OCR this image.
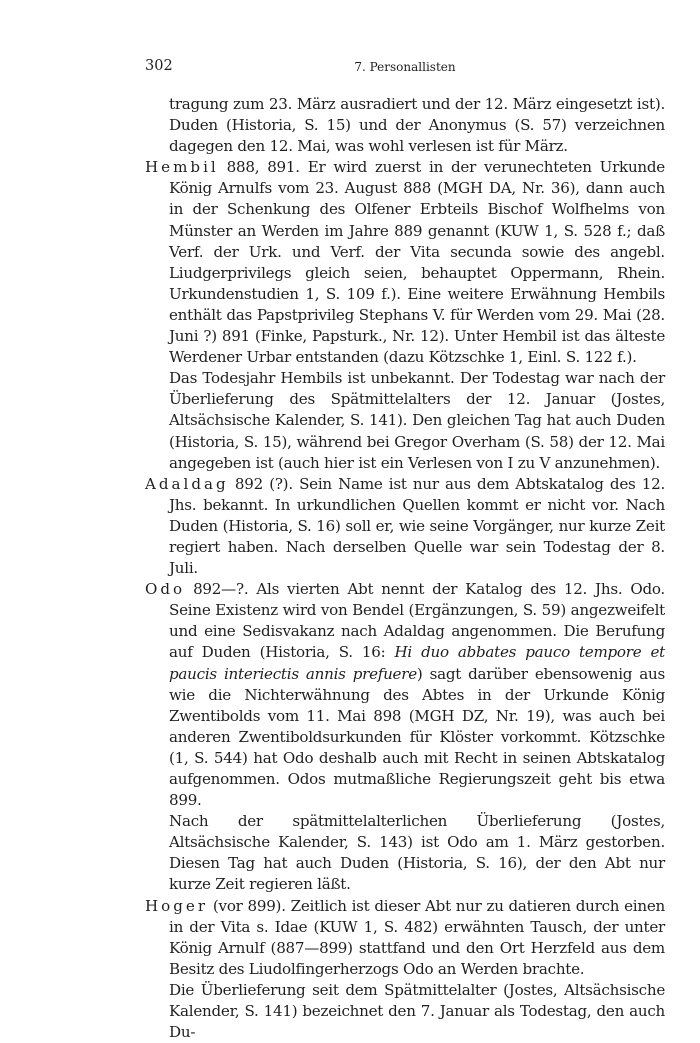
302	7. Personallisten

tragung zum 23. März ausradiert und der 12. März eingesetzt ist). Duden (Historia, S. 15) und der Anonymus (S. 57) verzeichnen dagegen den 12. Mai, was wohl verlesen ist für März.

Hembil 888, 891. Er wird zuerst in der verunechteten Urkunde König Arnulfs vom 23. August 888 (MGH DA, Nr. 36), dann auch in der Schenkung des Olfener Erbteils Bischof Wolfhelms von Münster an Werden im Jahre 889 genannt (KUW 1, S. 528 f.; daß Verf. der Urk. und Verf. der Vita secunda sowie des angebl. Liudgerprivilegs gleich seien, behauptet Oppermann, Rhein. Urkundenstudien 1, S. 109 f.). Eine weitere Erwähnung Hembils enthält das Papstprivileg Stephans V. für Werden vom 29. Mai (28. Juni ?) 891 (Finke, Papsturk., Nr. 12). Unter Hembil ist das älteste Werdener Urbar entstanden (dazu Kötzschke 1, Einl. S. 122 f.).

Das Todesjahr Hembils ist unbekannt. Der Todestag war nach der Überlieferung des Spätmittelalters der 12. Januar (Jostes, Altsächsische Kalender, S. 141). Den gleichen Tag hat auch Duden (Historia, S. 15), während bei Gregor Overham (S. 58) der 12. Mai angegeben ist (auch hier ist ein Verlesen von I zu V anzunehmen).

Adaldag 892 (?). Sein Name ist nur aus dem Abtskatalog des 12. Jhs. bekannt. In urkundlichen Quellen kommt er nicht vor. Nach Duden (Historia, S. 16) soll er, wie seine Vorgänger, nur kurze Zeit regiert haben. Nach derselben Quelle war sein Todestag der 8. Juli.

Odo 892—?. Als vierten Abt nennt der Katalog des 12. Jhs. Odo. Seine Existenz wird von Bendel (Ergänzungen, S. 59) angezweifelt und eine Sedisvakanz nach Adaldag angenommen. Die Berufung auf Duden (Historia, S. 16: Hi duo abbates pauco tempore et paucis interiectis annis prefuere) sagt darüber ebensowenig aus wie die Nichterwähnung des Abtes in der Urkunde König Zwentibolds vom 11. Mai 898 (MGH DZ, Nr. 19), was auch bei anderen Zwentiboldsurkunden für Klöster vorkommt. Kötzschke (1, S. 544) hat Odo deshalb auch mit Recht in seinen Abtskatalog aufgenommen. Odos mutmaßliche Regierungszeit geht bis etwa 899.

Nach der spätmittelalterlichen Überlieferung (Jostes, Altsächsische Kalender, S. 143) ist Odo am 1. März gestorben. Diesen Tag hat auch Duden (Historia, S. 16), der den Abt nur kurze Zeit regieren läßt.

Hoger (vor 899). Zeitlich ist dieser Abt nur zu datieren durch einen in der Vita s. Idae (KUW 1, S. 482) erwähnten Tausch, der unter König Arnulf (887—899) stattfand und den Ort Herzfeld aus dem Besitz des Liudolfingerherzogs Odo an Werden brachte.

Die Überlieferung seit dem Spätmittelalter (Jostes, Altsächsische Kalender, S. 141) bezeichnet den 7. Januar als Todestag, den auch Du-
